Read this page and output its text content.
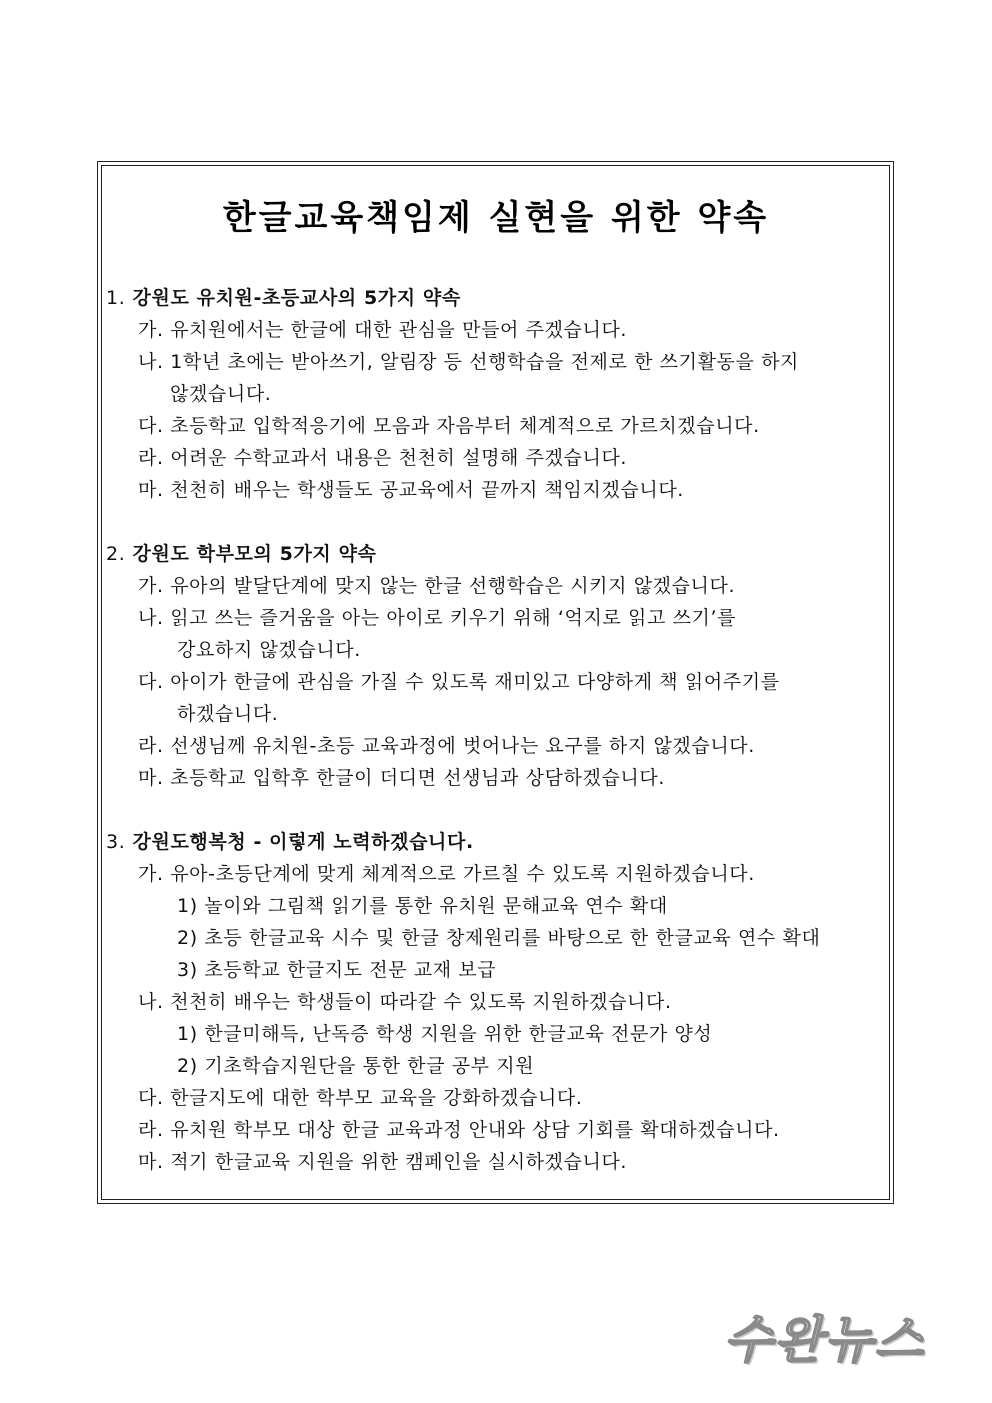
한글교육책임제 실현을 위한 약속
1. 강원도 유치원-초등교사의 5가지 약속
가. 유치원에서는 한글에 대한 관심을 만들어 주겠습니다.
나. 1학년 초에는 받아쓰기, 알림장 등 선행학습을 전제로 한 쓰기활동을 하지
않겠습니다.
다. 초등학교 입학적응기에 모음과 자음부터 체계적으로 가르치겠습니다.
라. 어려운 수학교과서 내용은 천천히 설명해 주겠습니다.
마. 천천히 배우는 학생들도 공교육에서 끝까지 책임지겠습니다.
2. 강원도 학부모의 5가지 약속
가. 유아의 발달단계에 맞지 않는 한글 선행학습은 시키지 않겠습니다.
나. 읽고 쓰는 즐거움을 아는 아이로 키우기 위해 ‘억지로 읽고 쓰기’를
강요하지 않겠습니다.
다. 아이가 한글에 관심을 가질 수 있도록 재미있고 다양하게 책 읽어주기를
하겠습니다.
라. 선생님께 유치원-초등 교육과정에 벗어나는 요구를 하지 않겠습니다.
마. 초등학교 입학후 한글이 더디면 선생님과 상담하겠습니다.
3. 강원도행복청 - 이렇게 노력하겠습니다.
가. 유아-초등단계에 맞게 체계적으로 가르칠 수 있도록 지원하겠습니다.
1) 놀이와 그림책 읽기를 통한 유치원 문해교육 연수 확대
2) 초등 한글교육 시수 및 한글 창제원리를 바탕으로 한 한글교육 연수 확대
3) 초등학교 한글지도 전문 교재 보급
나. 천천히 배우는 학생들이 따라갈 수 있도록 지원하겠습니다.
1) 한글미해득, 난독증 학생 지원을 위한 한글교육 전문가 양성
2) 기초학습지원단을 통한 한글 공부 지원
다. 한글지도에 대한 학부모 교육을 강화하겠습니다.
라. 유치원 학부모 대상 한글 교육과정 안내와 상담 기회를 확대하겠습니다.
마. 적기 한글교육 지원을 위한 캠페인을 실시하겠습니다.
수완뉴스
